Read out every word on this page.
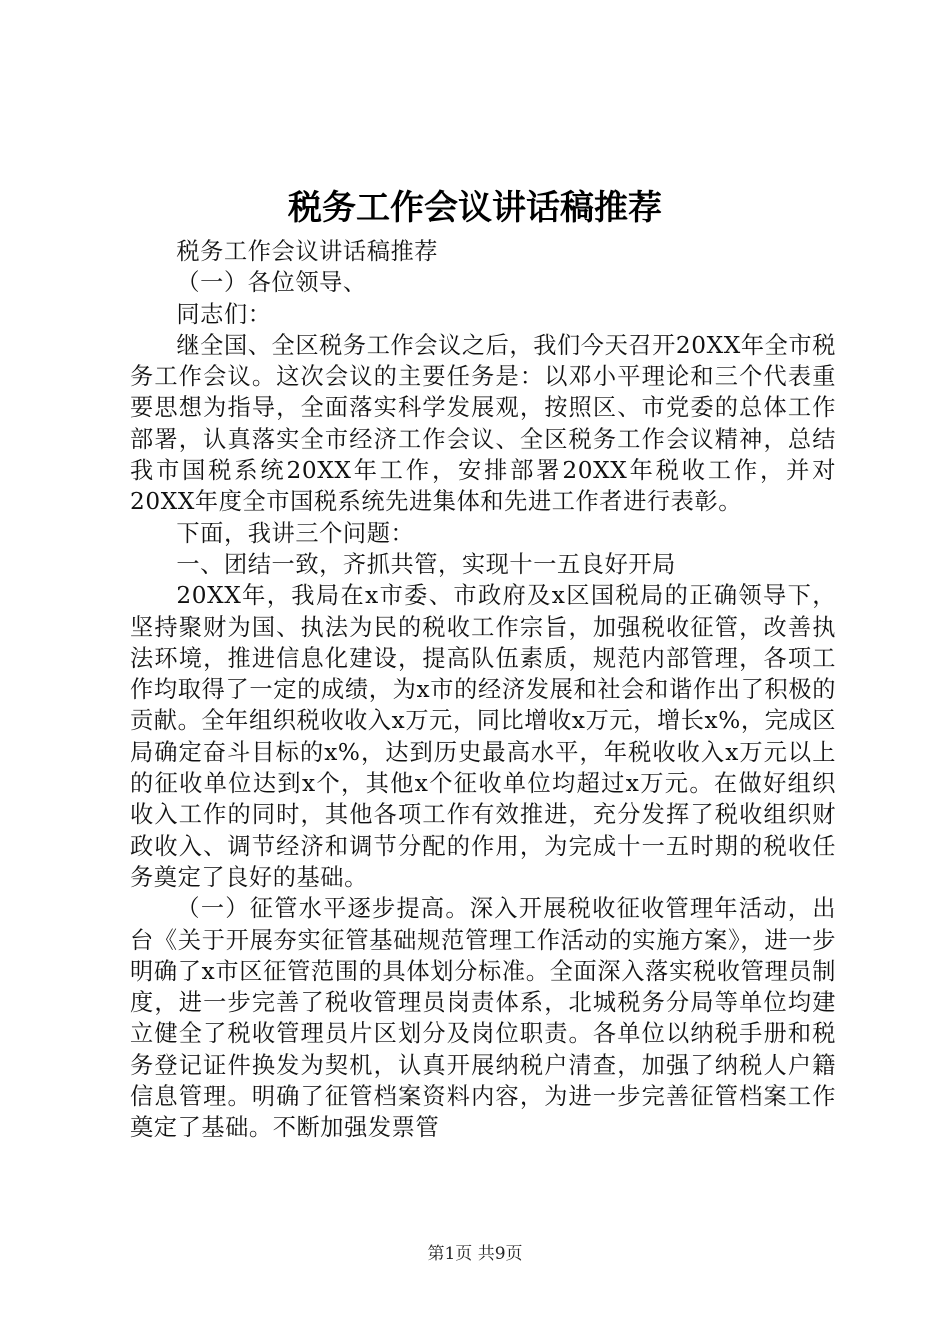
税务工作会议讲话稿推荐

税务工作会议讲话稿推荐

（一）各位领导、

同志们：

继全国、全区税务工作会议之后，我们今天召开20XX年全市税务工作会议。这次会议的主要任务是：以邓小平理论和三个代表重要思想为指导，全面落实科学发展观，按照区、市党委的总体工作部署，认真落实全市经济工作会议、全区税务工作会议精神，总结我市国税系统20XX年工作，安排部署20XX年税收工作，并对20XX年度全市国税系统先进集体和先进工作者进行表彰。

下面，我讲三个问题：

一、团结一致，齐抓共管，实现十一五良好开局

20XX年，我局在x市委、市政府及x区国税局的正确领导下，坚持聚财为国、执法为民的税收工作宗旨，加强税收征管，改善执法环境，推进信息化建设，提高队伍素质，规范内部管理，各项工作均取得了一定的成绩，为x市的经济发展和社会和谐作出了积极的贡献。全年组织税收收入x万元，同比增收x万元，增长x%，完成区局确定奋斗目标的x%，达到历史最高水平，年税收收入x万元以上的征收单位达到x个，其他x个征收单位均超过x万元。在做好组织收入工作的同时，其他各项工作有效推进，充分发挥了税收组织财政收入、调节经济和调节分配的作用，为完成十一五时期的税收任务奠定了良好的基础。

（一）征管水平逐步提高。深入开展税收征收管理年活动，出台《关于开展夯实征管基础规范管理工作活动的实施方案》，进一步明确了x市区征管范围的具体划分标准。全面深入落实税收管理员制度，进一步完善了税收管理员岗责体系，北城税务分局等单位均建立健全了税收管理员片区划分及岗位职责。各单位以纳税手册和税务登记证件换发为契机，认真开展纳税户清查，加强了纳税人户籍信息管理。明确了征管档案资料内容，为进一步完善征管档案工作奠定了基础。不断加强发票管

第1页 共9页
